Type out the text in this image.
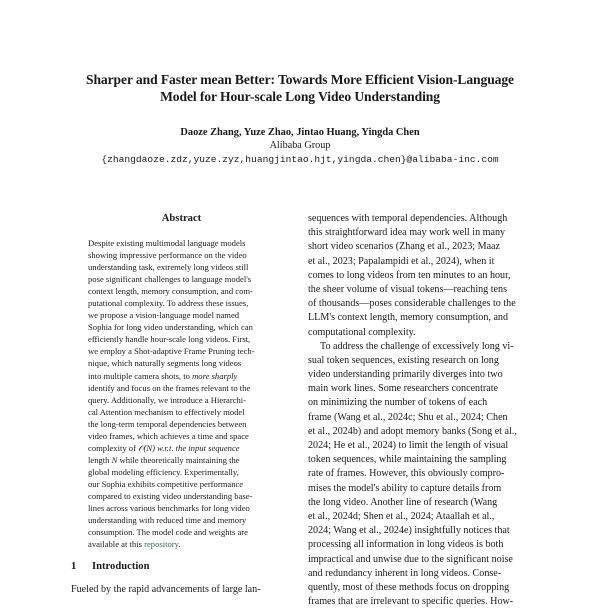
Sharper and Faster mean Better: Towards More Efficient Vision-Language
Model for Hour-scale Long Video Understanding
Daoze Zhang, Yuze Zhao, Jintao Huang, Yingda Chen
Alibaba Group
{zhangdaoze.zdz,yuze.zyz,huangjintao.hjt,yingda.chen}@alibaba-inc.com
Abstract
Despite existing multimodal language models
showing impressive performance on the video
understanding task, extremely long videos still
pose significant challenges to language model's
context length, memory consumption, and com-
putational complexity. To address these issues,
we propose a vision-language model named
Sophia for long video understanding, which can
efficiently handle hour-scale long videos. First,
we employ a Shot-adaptive Frame Pruning tech-
nique, which naturally segments long videos
into multiple camera shots, to more sharply
identify and focus on the frames relevant to the
query. Additionally, we introduce a Hierarchi-
cal Attention mechanism to effectively model
the long-term temporal dependencies between
video frames, which achieves a time and space
complexity of 𝒪(N) w.r.t. the input sequence
length N while theoretically maintaining the
global modeling efficiency. Experimentally,
our Sophia exhibits competitive performance
compared to existing video understanding base-
lines across various benchmarks for long video
understanding with reduced time and memory
consumption. The model code and weights are
available at this repository.
1 Introduction
Fueled by the rapid advancements of large lan-
sequences with temporal dependencies. Although
this straightforward idea may work well in many
short video scenarios (Zhang et al., 2023; Maaz
et al., 2023; Papalampidi et al., 2024), when it
comes to long videos from ten minutes to an hour,
the sheer volume of visual tokens—reaching tens
of thousands—poses considerable challenges to the
LLM's context length, memory consumption, and
computational complexity.
To address the challenge of excessively long vi-
sual token sequences, existing research on long
video understanding primarily diverges into two
main work lines. Some researchers concentrate
on minimizing the number of tokens of each
frame (Wang et al., 2024c; Shu et al., 2024; Chen
et al., 2024b) and adopt memory banks (Song et al.,
2024; He et al., 2024) to limit the length of visual
token sequences, while maintaining the sampling
rate of frames. However, this obviously compro-
mises the model's ability to capture details from
the long video. Another line of research (Wang
et al., 2024d; Shen et al., 2024; Ataallah et al.,
2024; Wang et al., 2024e) insightfully notices that
processing all information in long videos is both
impractical and unwise due to the significant noise
and redundancy inherent in long videos. Conse-
quently, most of these methods focus on dropping
frames that are irrelevant to specific queries. How-
